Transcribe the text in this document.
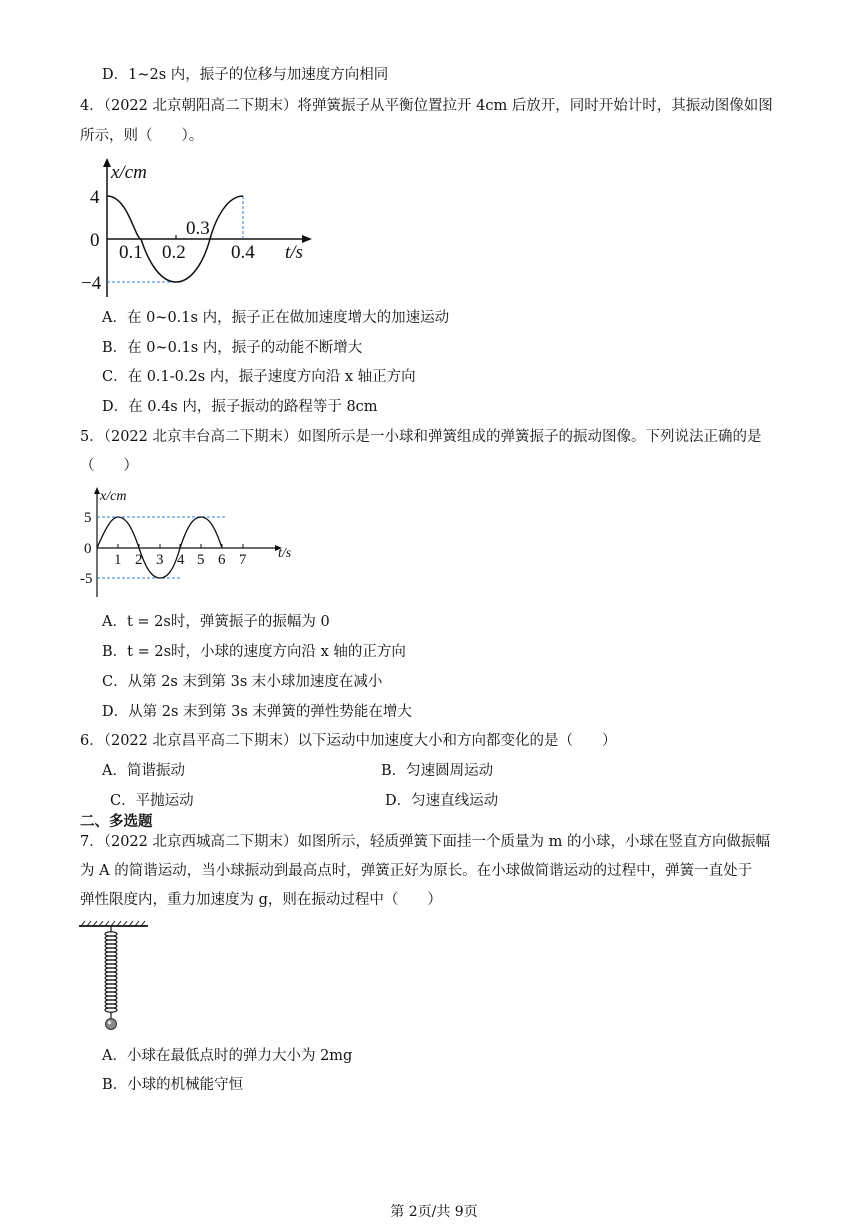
D．1~2s 内，振子的位移与加速度方向相同
4．（2022 北京朝阳高二下期末）将弹簧振子从平衡位置拉开 4cm 后放开，同时开始计时，其振动图像如图
所示，则（　　）。
x/cm
4
0
−4
0.1 0.2
0.3
0.4 t/s
A．在 0~0.1s 内，振子正在做加速度增大的加速运动
B．在 0~0.1s 内，振子的动能不断增大
C．在 0.1-0.2s 内，振子速度方向沿 x 轴正方向
D．在 0.4s 内，振子振动的路程等于 8cm
5．（2022 北京丰台高二下期末）如图所示是一小球和弹簧组成的弹簧振子的振动图像。下列说法正确的是
（　　）
x/cm
5
0
-5
1 2 3 4 5 6 7 t/s
A．t = 2s时，弹簧振子的振幅为 0
B．t = 2s时，小球的速度方向沿 x 轴的正方向
C．从第 2s 末到第 3s 末小球加速度在减小
D．从第 2s 末到第 3s 末弹簧的弹性势能在增大
6．（2022 北京昌平高二下期末）以下运动中加速度大小和方向都变化的是（　　）
A．简谐振动	B．匀速圆周运动
C．平抛运动	D．匀速直线运动
二、多选题
7．（2022 北京西城高二下期末）如图所示，轻质弹簧下面挂一个质量为 m 的小球，小球在竖直方向做振幅
为 A 的简谐运动，当小球振动到最高点时，弹簧正好为原长。在小球做简谐运动的过程中，弹簧一直处于
弹性限度内，重力加速度为 g，则在振动过程中（　　）
A．小球在最低点时的弹力大小为 2mg
B．小球的机械能守恒
第 2页/共 9页
